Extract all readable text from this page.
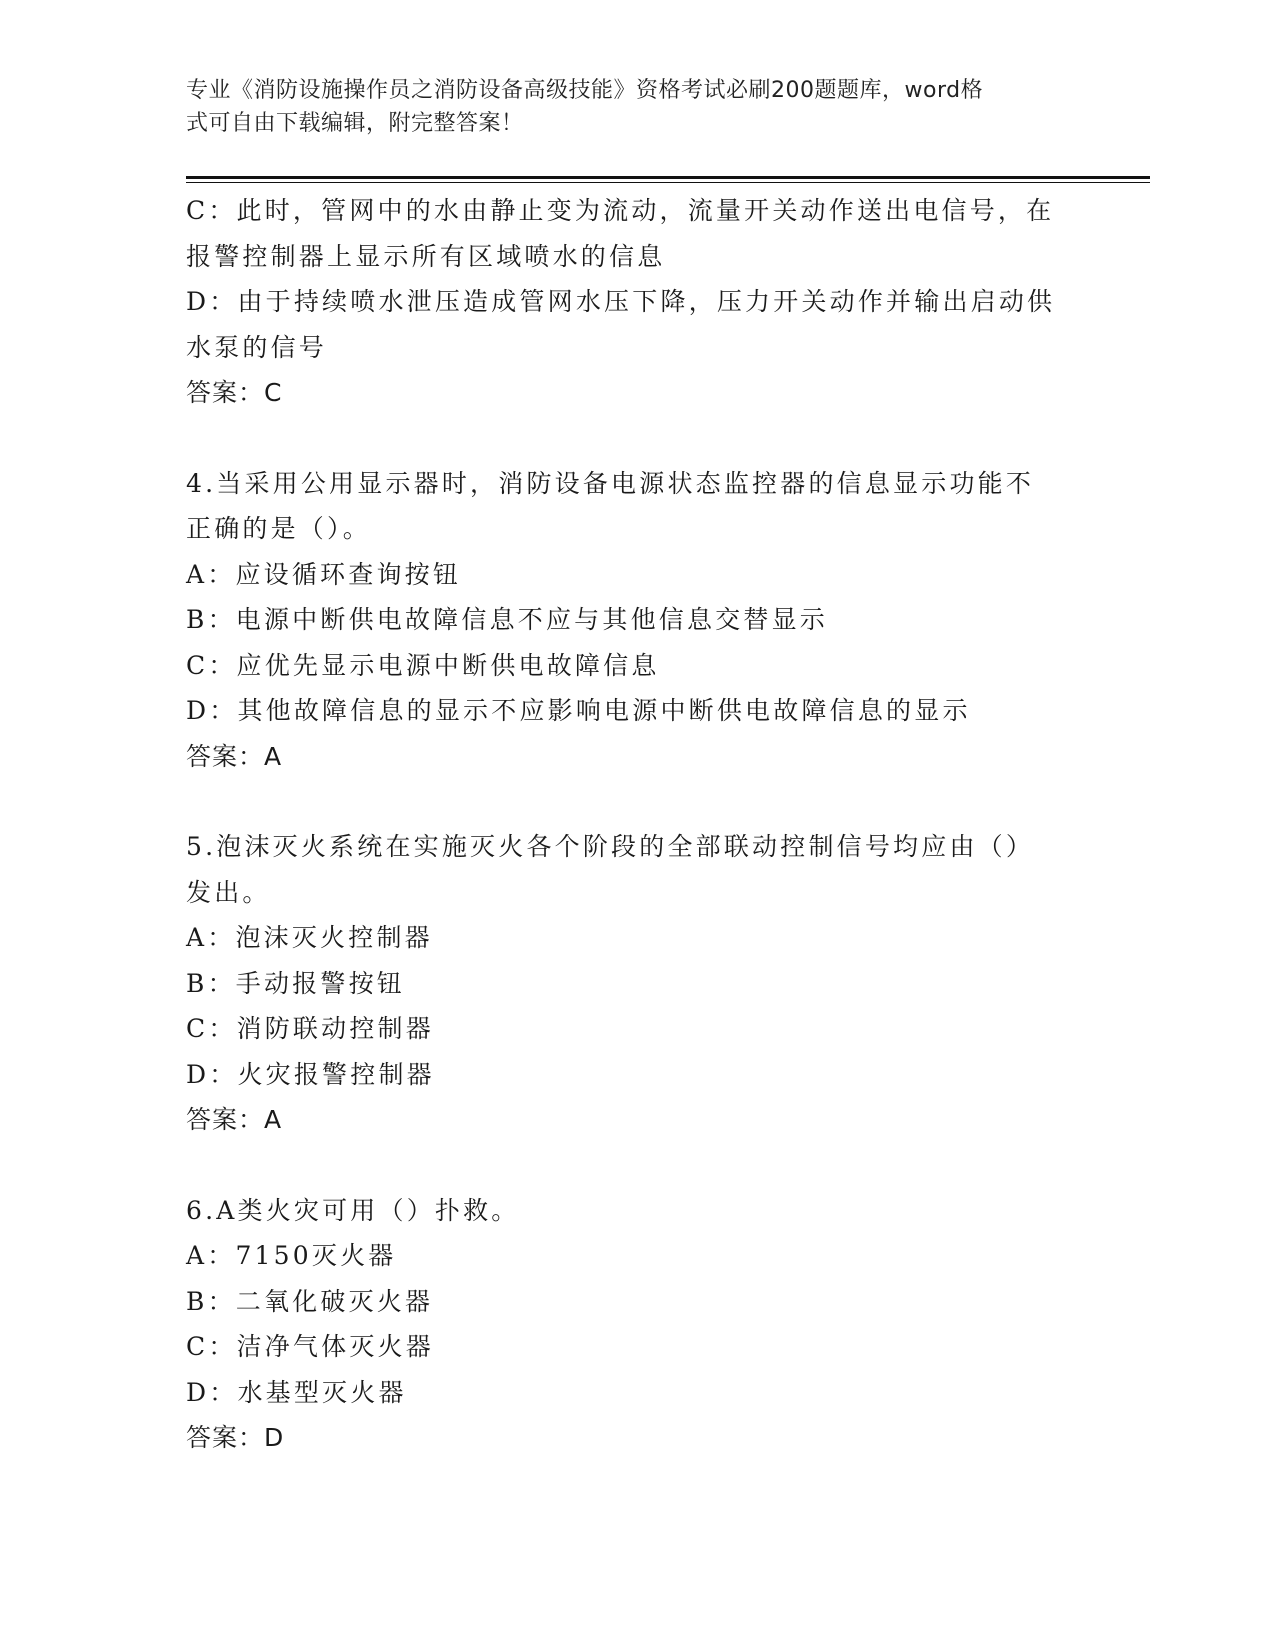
专业《消防设施操作员之消防设备高级技能》资格考试必刷200题题库，word格
式可自由下载编辑，附完整答案！
C：此时，管网中的水由静止变为流动，流量开关动作送出电信号，在
报警控制器上显示所有区域喷水的信息
D：由于持续喷水泄压造成管网水压下降，压力开关动作并输出启动供
水泵的信号
答案：C
4.当采用公用显示器时，消防设备电源状态监控器的信息显示功能不
正确的是（）。
A：应设循环查询按钮
B：电源中断供电故障信息不应与其他信息交替显示
C：应优先显示电源中断供电故障信息
D：其他故障信息的显示不应影响电源中断供电故障信息的显示
答案：A
5.泡沫灭火系统在实施灭火各个阶段的全部联动控制信号均应由（）
发出。
A：泡沫灭火控制器
B：手动报警按钮
C：消防联动控制器
D：火灾报警控制器
答案：A
6.A类火灾可用（）扑救。
A：7150灭火器
B：二氧化破灭火器
C：洁净气体灭火器
D：水基型灭火器
答案：D
